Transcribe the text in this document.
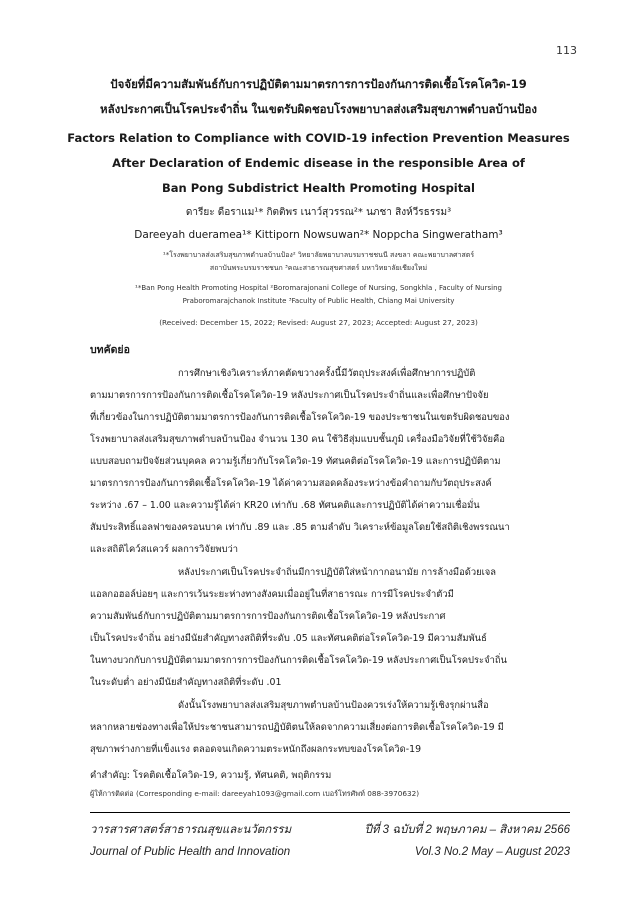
113
ปัจจัยที่มีความสัมพันธ์กับการปฏิบัติตามมาตรการการป้องกันการติดเชื้อโรคโควิด-19
หลังประกาศเป็นโรคประจำถิ่น ในเขตรับผิดชอบโรงพยาบาลส่งเสริมสุขภาพตำบลบ้านป้อง
Factors Relation to Compliance with COVID-19 infection Prevention Measures
After Declaration of Endemic disease in the responsible Area of
Ban Pong Subdistrict Health Promoting Hospital
ดารียะ ดือราแม¹* กิตติพร เนาว์สุวรรณ²* นภชา สิงห์วีรธรรม³
Dareeyah dueramea¹* Kittiporn Nowsuwan²* Noppcha Singweratham³
¹*โรงพยาบาลส่งเสริมสุขภาพตำบลบ้านป้อง² วิทยาลัยพยาบาลบรมราชชนนี สงขลา คณะพยาบาลศาสตร์
สถาบันพระบรมราชชนก ³คณะสาธารณสุขศาสตร์ มหาวิทยาลัยเชียงใหม่
¹*Ban Pong Health Promoting Hospital ²Boromarajonani College of Nursing, Songkhla , Faculty of Nursing
Praboromarajchanok Institute ³Faculty of Public Health, Chiang Mai University
(Received: December 15, 2022; Revised: August 27, 2023; Accepted: August 27, 2023)
บทคัดย่อ
การศึกษาเชิงวิเคราะห์ภาคตัดขวางครั้งนี้มีวัตถุประสงค์เพื่อศึกษาการปฏิบัติ
ตามมาตรการการป้องกันการติดเชื้อโรคโควิด-19 หลังประกาศเป็นโรคประจำถิ่นและเพื่อศึกษาปัจจัย
ที่เกี่ยวข้องในการปฏิบัติตามมาตรการป้องกันการติดเชื้อโรคโควิด-19 ของประชาชนในเขตรับผิดชอบของ
โรงพยาบาลส่งเสริมสุขภาพตำบลบ้านป้อง จำนวน 130 คน ใช้วิธีสุ่มแบบชั้นภูมิ เครื่องมือวิจัยที่ใช้วิจัยคือ
แบบสอบถามปัจจัยส่วนบุคคล ความรู้เกี่ยวกับโรคโควิด-19 ทัศนคติต่อโรคโควิด-19 และการปฏิบัติตาม
มาตรการการป้องกันการติดเชื้อโรคโควิด-19 ได้ค่าความสอดคล้องระหว่างข้อคำถามกับวัตถุประสงค์
ระหว่าง .67 – 1.00 และความรู้ได้ค่า KR20 เท่ากับ .68 ทัศนคติและการปฏิบัติได้ค่าความเชื่อมั่น
สัมประสิทธิ์แอลฟาของครอนบาค เท่ากับ .89 และ .85 ตามลำดับ วิเคราะห์ข้อมูลโดยใช้สถิติเชิงพรรณนา
และสถิติไคว์สแควร์ ผลการวิจัยพบว่า
หลังประกาศเป็นโรคประจำถิ่นมีการปฏิบัติใส่หน้ากากอนามัย การล้างมือด้วยเจล
แอลกอฮอล์บ่อยๆ และการเว้นระยะห่างทางสังคมเมื่ออยู่ในที่สาธารณะ การมีโรคประจำตัวมี
ความสัมพันธ์กับการปฏิบัติตามมาตรการการป้องกันการติดเชื้อโรคโควิด-19 หลังประกาศ
เป็นโรคประจำถิ่น อย่างมีนัยสำคัญทางสถิติที่ระดับ .05 และทัศนคติต่อโรคโควิด-19 มีความสัมพันธ์
ในทางบวกกับการปฏิบัติตามมาตรการการป้องกันการติดเชื้อโรคโควิด-19 หลังประกาศเป็นโรคประจำถิ่น
ในระดับต่ำ อย่างมีนัยสำคัญทางสถิติที่ระดับ .01
ดังนั้นโรงพยาบาลส่งเสริมสุขภาพตำบลบ้านป้องควรเร่งให้ความรู้เชิงรุกผ่านสื่อ
หลากหลายช่องทางเพื่อให้ประชาชนสามารถปฏิบัติตนให้ลดจากความเสี่ยงต่อการติดเชื้อโรคโควิด-19 มี
สุขภาพร่างกายที่แข็งแรง ตลอดจนเกิดความตระหนักถึงผลกระทบของโรคโควิด-19
คำสำคัญ: โรคติดเชื้อโควิด-19, ความรู้, ทัศนคติ, พฤติกรรม
ผู้ให้การติดต่อ (Corresponding e-mail: dareeyah1093@gmail.com เบอร์โทรศัพท์ 088-3970632)
วารสารศาสตร์สาธารณสุขและนวัตกรรม	ปีที่ 3 ฉบับที่ 2 พฤษภาคม – สิงหาคม 2566
Journal of Public Health and Innovation	Vol.3 No.2 May – August 2023
